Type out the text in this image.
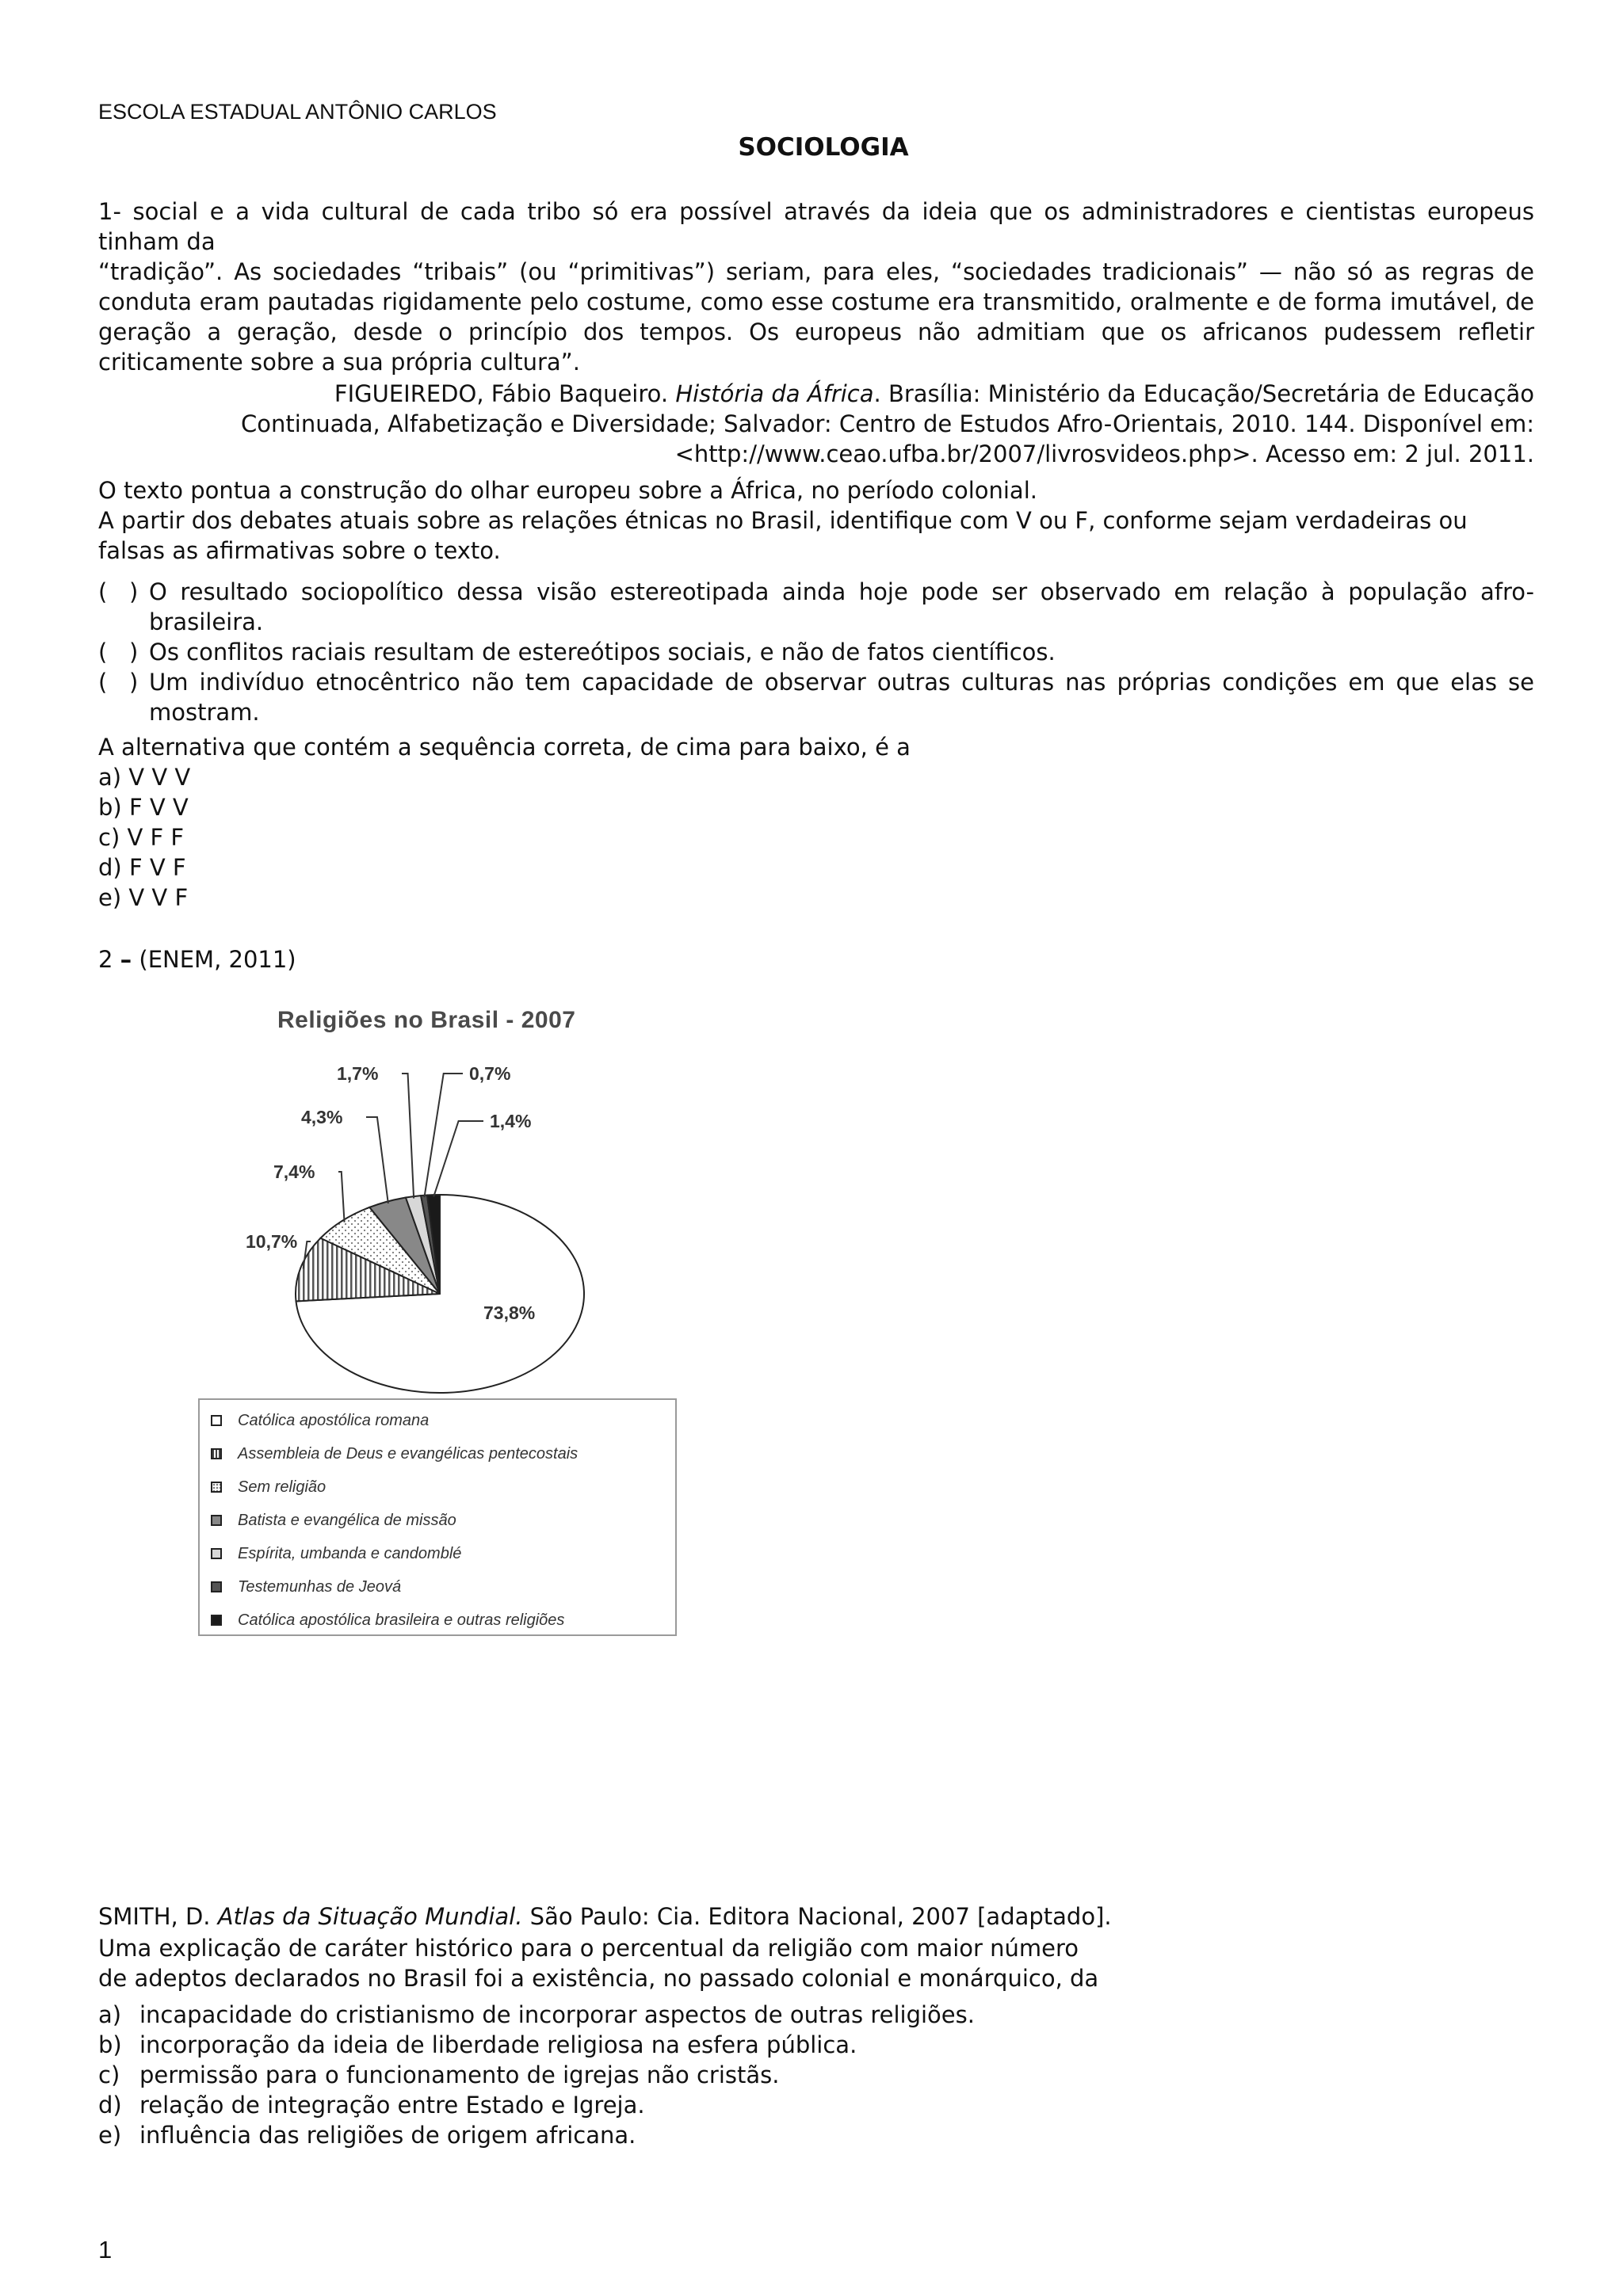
ESCOLA ESTADUAL ANTÔNIO CARLOS
SOCIOLOGIA

1- social e a vida cultural de cada tribo só era possível através da ideia que os administradores e cientistas europeus tinham da

“tradição”. As sociedades “tribais” (ou “primitivas”) seriam, para eles, “sociedades tradicionais” — não só as regras de conduta eram pautadas rigidamente pelo costume, como esse costume era transmitido, oralmente e de forma imutável, de geração a geração, desde o princípio dos tempos. Os europeus não admitiam que os africanos pudessem refletir criticamente sobre a sua própria cultura”.

FIGUEIREDO, Fábio Baqueiro. História da África. Brasília: Ministério da Educação/Secretária de Educação

Continuada, Alfabetização e Diversidade; Salvador: Centro de Estudos Afro-Orientais, 2010. 144. Disponível em:

<http://www.ceao.ufba.br/2007/livrosvideos.php>. Acesso em: 2 jul. 2011.

O texto pontua a construção do olhar europeu sobre a África, no período colonial.

A partir dos debates atuais sobre as relações étnicas no Brasil, identifique com V ou F, conforme sejam verdadeiras ou falsas as afirmativas sobre o texto.

(   ) O resultado sociopolítico dessa visão estereotipada ainda hoje pode ser observado em relação à população afro-brasileira.
(   ) Os conflitos raciais resultam de estereótipos sociais, e não de fatos científicos.
(   ) Um indivíduo etnocêntrico não tem capacidade de observar outras culturas nas próprias condições em que elas se mostram.

A alternativa que contém a sequência correta, de cima para baixo, é a

a) V V V

b) F V V

c) V F F

d) F V F

e) V V F

2 – (ENEM, 2011)
Religiões no Brasil - 2007
73,8%
10,7%
7,4%
4,3%
1,7%	0,7%
1,4%
Católica apostólica romana
Assembleia de Deus e evangélicas pentecostais
Sem religião
Batista e evangélica de missão
Espírita, umbanda e candomblé
Testemunhas de Jeová
Católica apostólica brasileira e outras religiões

SMITH, D. Atlas da Situação Mundial. São Paulo: Cia. Editora Nacional, 2007 [adaptado].

Uma explicação de caráter histórico para o percentual da religião com maior número

de adeptos declarados no Brasil foi a existência, no passado colonial e monárquico, da

a) incapacidade do cristianismo de incorporar aspectos de outras religiões.
b) incorporação da ideia de liberdade religiosa na esfera pública.
c) permissão para o funcionamento de igrejas não cristãs.
d) relação de integração entre Estado e Igreja.
e) influência das religiões de origem africana.
1
